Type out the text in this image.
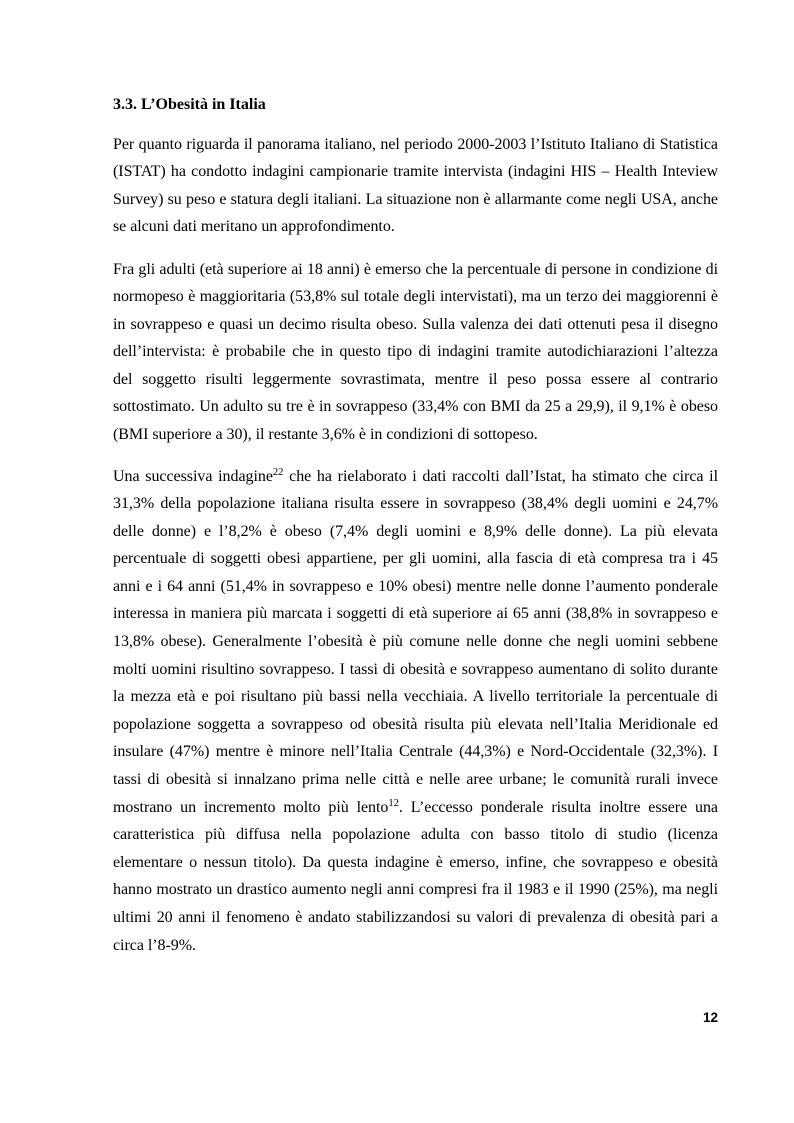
3.3. L’Obesità in Italia
Per quanto riguarda il panorama italiano, nel periodo 2000-2003 l’Istituto Italiano di Statistica
(ISTAT) ha condotto indagini campionarie tramite intervista (indagini HIS – Health Inteview
Survey) su peso e statura degli italiani. La situazione non è allarmante come negli USA, anche
se alcuni dati meritano un approfondimento.
Fra gli adulti (età superiore ai 18 anni) è emerso che la percentuale di persone in condizione di
normopeso è maggioritaria (53,8% sul totale degli intervistati), ma un terzo dei maggiorenni è
in sovrappeso e quasi un decimo risulta obeso. Sulla valenza dei dati ottenuti pesa il disegno
dell’intervista: è probabile che in questo tipo di indagini tramite autodichiarazioni l’altezza
del soggetto risulti leggermente sovrastimata, mentre il peso possa essere al contrario
sottostimato. Un adulto su tre è in sovrappeso (33,4% con BMI da 25 a 29,9), il 9,1% è obeso
(BMI superiore a 30), il restante 3,6% è in condizioni di sottopeso.
Una successiva indagine$^{22}$ che ha rielaborato i dati raccolti dall’Istat, ha stimato che circa il
31,3% della popolazione italiana risulta essere in sovrappeso (38,4% degli uomini e 24,7%
delle donne) e l’8,2% è obeso (7,4% degli uomini e 8,9% delle donne). La più elevata
percentuale di soggetti obesi appartiene, per gli uomini, alla fascia di età compresa tra i 45
anni e i 64 anni (51,4% in sovrappeso e 10% obesi) mentre nelle donne l’aumento ponderale
interessa in maniera più marcata i soggetti di età superiore ai 65 anni (38,8% in sovrappeso e
13,8% obese). Generalmente l’obesità è più comune nelle donne che negli uomini sebbene
molti uomini risultino sovrappeso. I tassi di obesità e sovrappeso aumentano di solito durante
la mezza età e poi risultano più bassi nella vecchiaia. A livello territoriale la percentuale di
popolazione soggetta a sovrappeso od obesità risulta più elevata nell’Italia Meridionale ed
insulare (47%) mentre è minore nell’Italia Centrale (44,3%) e Nord-Occidentale (32,3%). I
tassi di obesità si innalzano prima nelle città e nelle aree urbane; le comunità rurali invece
mostrano un incremento molto più lento$^{12}$. L’eccesso ponderale risulta inoltre essere una
caratteristica più diffusa nella popolazione adulta con basso titolo di studio (licenza
elementare o nessun titolo). Da questa indagine è emerso, infine, che sovrappeso e obesità
hanno mostrato un drastico aumento negli anni compresi fra il 1983 e il 1990 (25%), ma negli
ultimi 20 anni il fenomeno è andato stabilizzandosi su valori di prevalenza di obesità pari a
circa l’8-9%.
12
